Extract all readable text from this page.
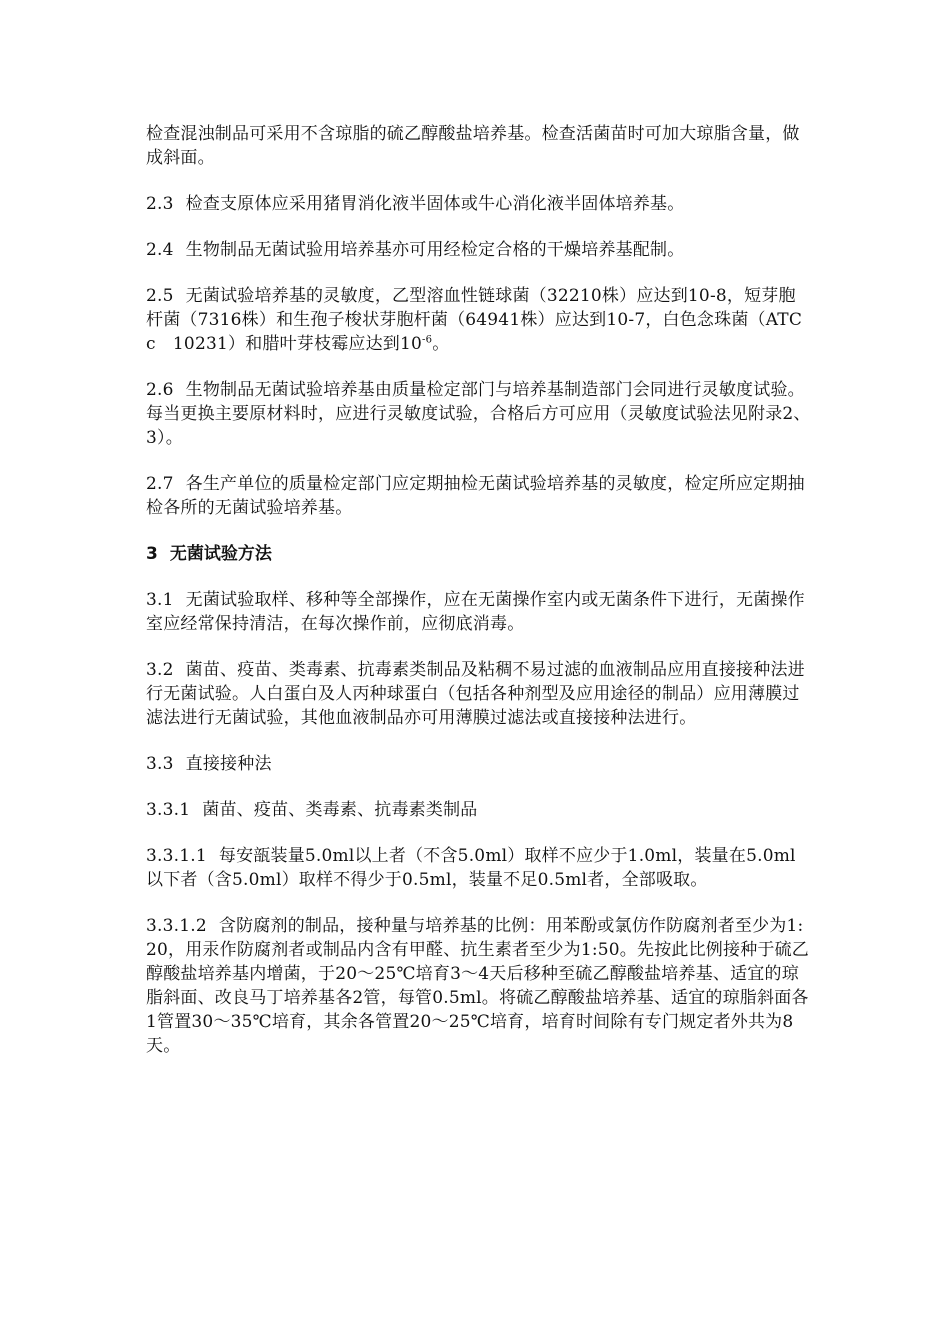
检查混浊制品可采用不含琼脂的硫乙醇酸盐培养基。检查活菌苗时可加大琼脂含量，做成斜面。

2.3 检查支原体应采用猪胃消化液半固体或牛心消化液半固体培养基。

2.4 生物制品无菌试验用培养基亦可用经检定合格的干燥培养基配制。

2.5 无菌试验培养基的灵敏度，乙型溶血性链球菌（32210株）应达到10-8，短芽胞杆菌（7316株）和生孢子梭状芽胞杆菌（64941株）应达到10-7，白色念珠菌（ATCc　10231）和腊叶芽枝霉应达到$10^{-6}$。

2.6 生物制品无菌试验培养基由质量检定部门与培养基制造部门会同进行灵敏度试验。每当更换主要原材料时，应进行灵敏度试验，合格后方可应用（灵敏度试验法见附录2、3）。

2.7 各生产单位的质量检定部门应定期抽检无菌试验培养基的灵敏度，检定所应定期抽检各所的无菌试验培养基。

3 无菌试验方法

3.1 无菌试验取样、移种等全部操作，应在无菌操作室内或无菌条件下进行，无菌操作室应经常保持清洁，在每次操作前，应彻底消毒。

3.2 菌苗、疫苗、类毒素、抗毒素类制品及粘稠不易过滤的血液制品应用直接接种法进行无菌试验。人白蛋白及人丙种球蛋白（包括各种剂型及应用途径的制品）应用薄膜过滤法进行无菌试验，其他血液制品亦可用薄膜过滤法或直接接种法进行。

3.3 直接接种法

3.3.1 菌苗、疫苗、类毒素、抗毒素类制品

3.3.1.1 每安瓿装量5.0ml以上者（不含5.0ml）取样不应少于1.0ml，装量在5.0ml以下者（含5.0ml）取样不得少于0.5ml，装量不足0.5ml者，全部吸取。

3.3.1.2 含防腐剂的制品，接种量与培养基的比例：用苯酚或氯仿作防腐剂者至少为1:20，用汞作防腐剂者或制品内含有甲醛、抗生素者至少为1:50。先按此比例接种于硫乙醇酸盐培养基内增菌，于20～25℃培育3～4天后移种至硫乙醇酸盐培养基、适宜的琼脂斜面、改良马丁培养基各2管，每管0.5ml。将硫乙醇酸盐培养基、适宜的琼脂斜面各1管置30～35℃培育，其余各管置20～25℃培育，培育时间除有专门规定者外共为8天。
